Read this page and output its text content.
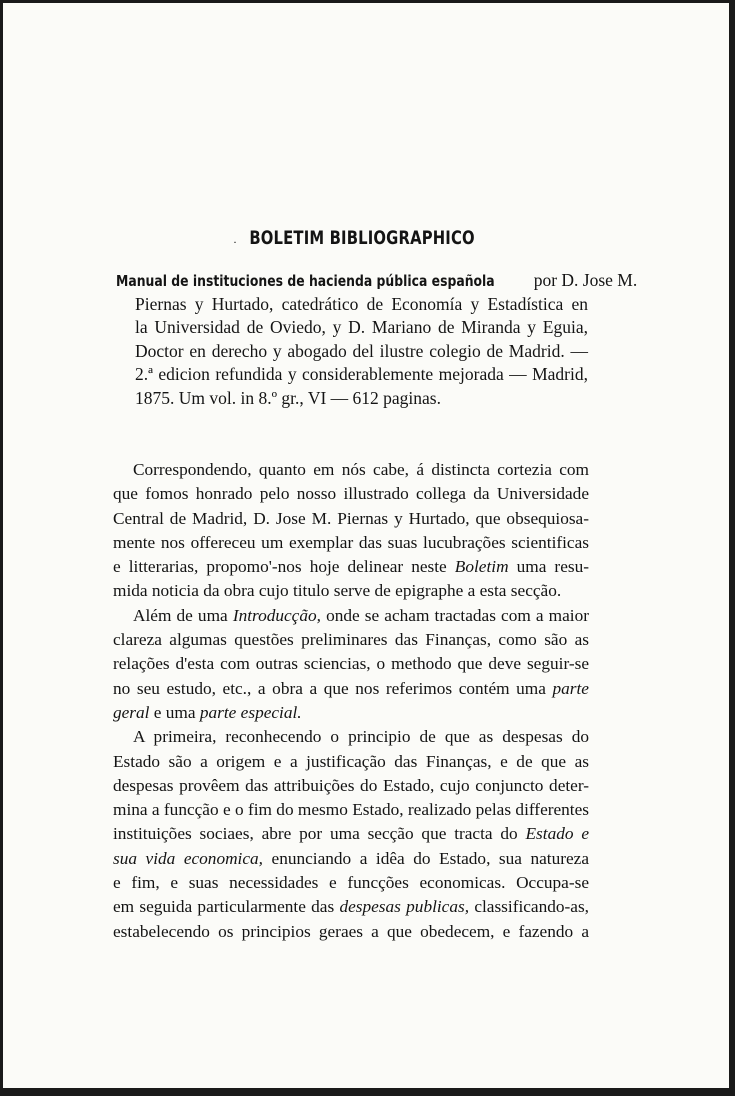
· BOLETIM BIBLIOGRAPHICO
Manual de instituciones de hacienda pública española por D. Jose M.
Piernas y Hurtado, catedrático de Economía y Estadística en
la Universidad de Oviedo, y D. Mariano de Miranda y Eguia,
Doctor en derecho y abogado del ilustre colegio de Madrid. —
2.ª edicion refundida y considerablemente mejorada — Madrid,
1875. Um vol. in 8.º gr., VI — 612 paginas.
Correspondendo, quanto em nós cabe, á distincta cortezia com
que fomos honrado pelo nosso illustrado collega da Universidade
Central de Madrid, D. Jose M. Piernas y Hurtado, que obsequiosa-
mente nos offereceu um exemplar das suas lucubrações scientificas
e litterarias, propomo'-nos hoje delinear neste Boletim uma resu-
mida noticia da obra cujo titulo serve de epigraphe a esta secção.
Além de uma Introducção, onde se acham tractadas com a maior
clareza algumas questões preliminares das Finanças, como são as
relações d'esta com outras sciencias, o methodo que deve seguir-se
no seu estudo, etc., a obra a que nos referimos contém uma parte
geral e uma parte especial.
A primeira, reconhecendo o principio de que as despesas do
Estado são a origem e a justificação das Finanças, e de que as
despesas provêem das attribuições do Estado, cujo conjuncto deter-
mina a funcção e o fim do mesmo Estado, realizado pelas differentes
instituições sociaes, abre por uma secção que tracta do Estado e
sua vida economica, enunciando a idêa do Estado, sua natureza
e fim, e suas necessidades e funcções economicas. Occupa-se
em seguida particularmente das despesas publicas, classificando-as,
estabelecendo os principios geraes a que obedecem, e fazendo a
